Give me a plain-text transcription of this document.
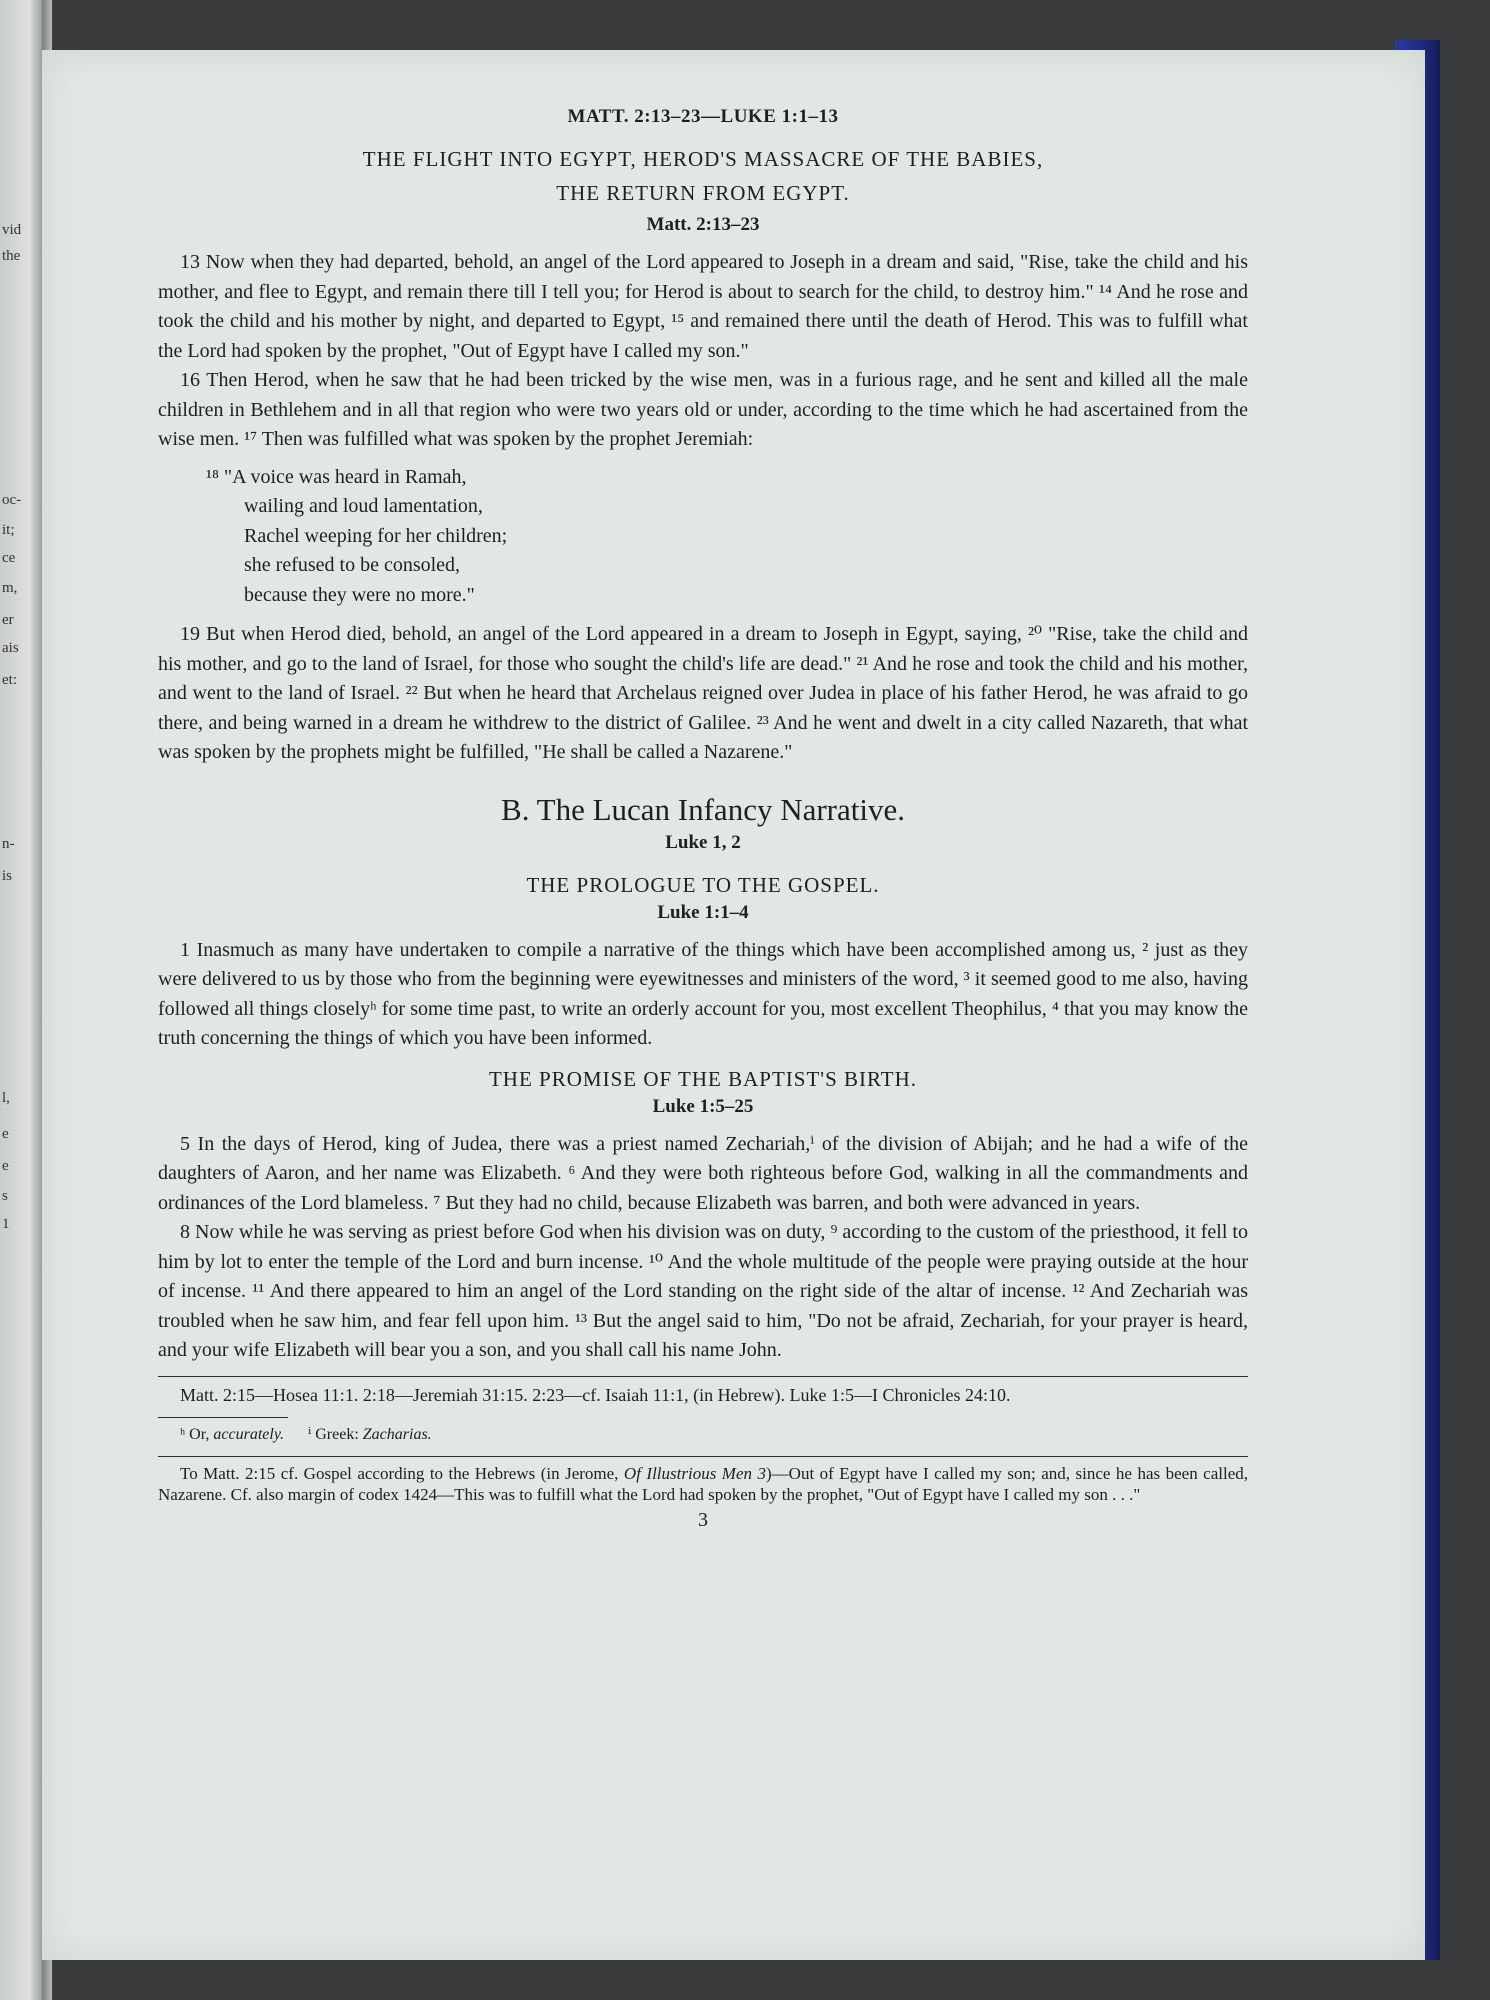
vid
the
oc-
it;
ce
m,
er
ais
et:
n-
is
l,
e
e
s
1
MATT. 2:13–23—LUKE 1:1–13
THE FLIGHT INTO EGYPT, HEROD'S MASSACRE OF THE BABIES,
THE RETURN FROM EGYPT.
Matt. 2:13–23

13 Now when they had departed, behold, an angel of the Lord appeared to Joseph in a dream and said, "Rise, take the child and his mother, and flee to Egypt, and remain there till I tell you; for Herod is about to search for the child, to destroy him." ¹⁴ And he rose and took the child and his mother by night, and departed to Egypt, ¹⁵ and remained there until the death of Herod. This was to fulfill what the Lord had spoken by the prophet, "Out of Egypt have I called my son."

16 Then Herod, when he saw that he had been tricked by the wise men, was in a furious rage, and he sent and killed all the male children in Bethlehem and in all that region who were two years old or under, according to the time which he had ascertained from the wise men. ¹⁷ Then was fulfilled what was spoken by the prophet Jeremiah:

¹⁸ "A voice was heard in Ramah,
wailing and loud lamentation,
Rachel weeping for her children;
she refused to be consoled,
because they were no more."

19 But when Herod died, behold, an angel of the Lord appeared in a dream to Joseph in Egypt, saying, ²⁰ "Rise, take the child and his mother, and go to the land of Israel, for those who sought the child's life are dead." ²¹ And he rose and took the child and his mother, and went to the land of Israel. ²² But when he heard that Archelaus reigned over Judea in place of his father Herod, he was afraid to go there, and being warned in a dream he withdrew to the district of Galilee. ²³ And he went and dwelt in a city called Nazareth, that what was spoken by the prophets might be fulfilled, "He shall be called a Nazarene."

B. The Lucan Infancy Narrative.
Luke 1, 2
THE PROLOGUE TO THE GOSPEL.
Luke 1:1–4

1 Inasmuch as many have undertaken to compile a narrative of the things which have been accomplished among us, ² just as they were delivered to us by those who from the beginning were eyewitnesses and ministers of the word, ³ it seemed good to me also, having followed all things closelyʰ for some time past, to write an orderly account for you, most excellent Theophilus, ⁴ that you may know the truth concerning the things of which you have been informed.

THE PROMISE OF THE BAPTIST'S BIRTH.
Luke 1:5–25

5 In the days of Herod, king of Judea, there was a priest named Zechariah,ⁱ of the division of Abijah; and he had a wife of the daughters of Aaron, and her name was Elizabeth. ⁶ And they were both righteous before God, walking in all the commandments and ordinances of the Lord blameless. ⁷ But they had no child, because Elizabeth was barren, and both were advanced in years.

8 Now while he was serving as priest before God when his division was on duty, ⁹ according to the custom of the priesthood, it fell to him by lot to enter the temple of the Lord and burn incense. ¹⁰ And the whole multitude of the people were praying outside at the hour of incense. ¹¹ And there appeared to him an angel of the Lord standing on the right side of the altar of incense. ¹² And Zechariah was troubled when he saw him, and fear fell upon him. ¹³ But the angel said to him, "Do not be afraid, Zechariah, for your prayer is heard, and your wife Elizabeth will bear you a son, and you shall call his name John.

Matt. 2:15—Hosea 11:1. 2:18—Jeremiah 31:15. 2:23—cf. Isaiah 11:1, (in Hebrew). Luke 1:5—I Chronicles 24:10.
ʰ Or, accurately. ⁱ Greek: Zacharias.
To Matt. 2:15 cf. Gospel according to the Hebrews (in Jerome, Of Illustrious Men 3)—Out of Egypt have I called my son; and, since he has been called, Nazarene. Cf. also margin of codex 1424—This was to fulfill what the Lord had spoken by the prophet, "Out of Egypt have I called my son . . ."
3
